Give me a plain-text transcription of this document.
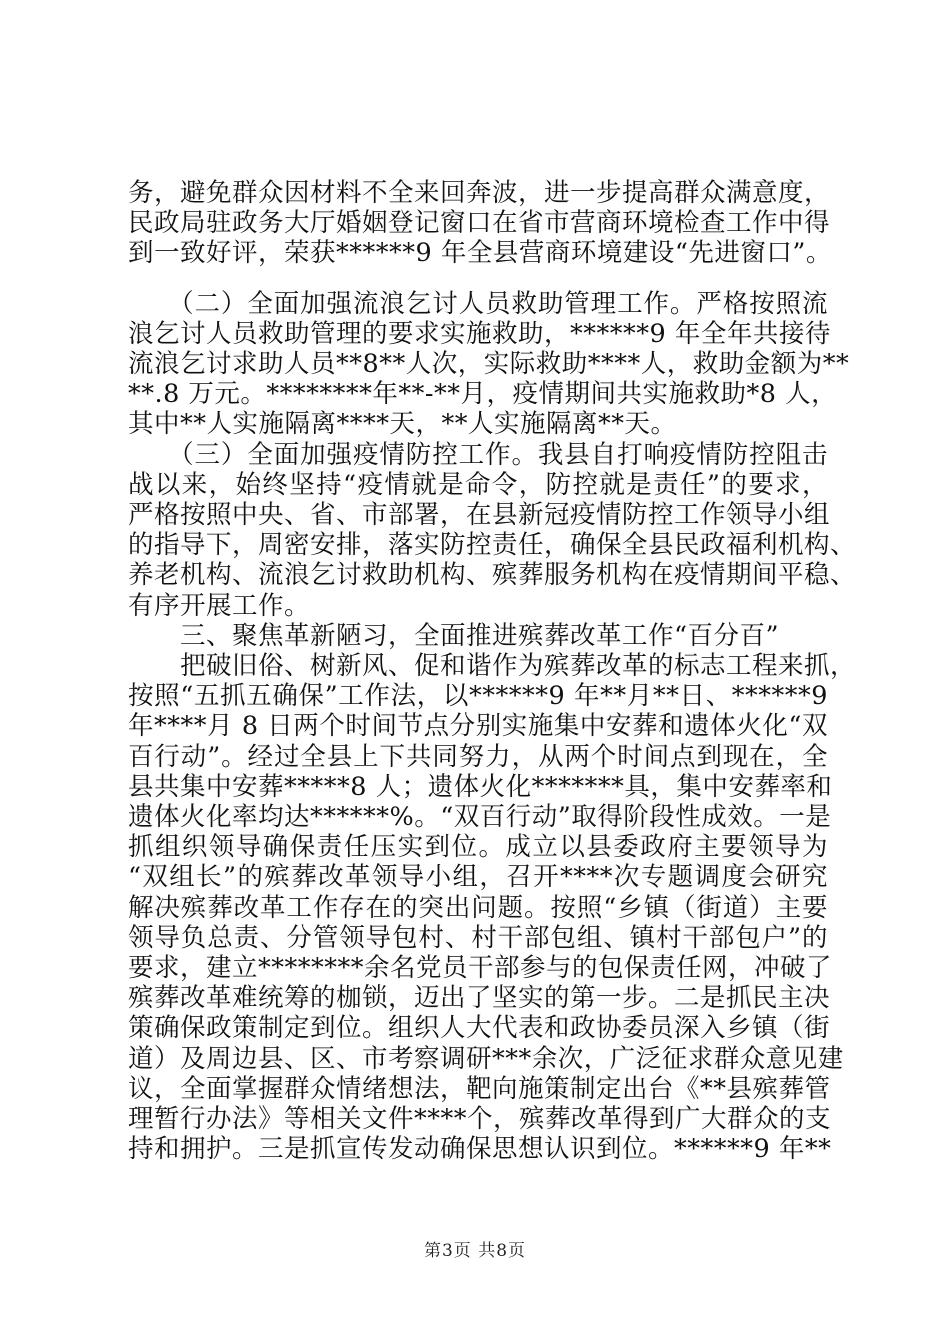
务，避免群众因材料不全来回奔波，进一步提高群众满意度，
民政局驻政务大厅婚姻登记窗口在省市营商环境检查工作中得
到一致好评，荣获******9 年全县营商环境建设“先进窗口”。
　　（二）全面加强流浪乞讨人员救助管理工作。严格按照流
浪乞讨人员救助管理的要求实施救助，******9 年全年共接待
流浪乞讨求助人员**8**人次，实际救助****人，救助金额为**
**.8 万元。********年**-**月，疫情期间共实施救助*8 人，
其中**人实施隔离****天，**人实施隔离**天。
　　（三）全面加强疫情防控工作。我县自打响疫情防控阻击
战以来，始终坚持“疫情就是命令，防控就是责任”的要求，
严格按照中央、省、市部署，在县新冠疫情防控工作领导小组
的指导下，周密安排，落实防控责任，确保全县民政福利机构、
养老机构、流浪乞讨救助机构、殡葬服务机构在疫情期间平稳、
有序开展工作。
　　三、聚焦革新陋习，全面推进殡葬改革工作“百分百”
　　把破旧俗、树新风、促和谐作为殡葬改革的标志工程来抓，
按照“五抓五确保”工作法，以******9 年**月**日、******9
年****月 8 日两个时间节点分别实施集中安葬和遗体火化“双
百行动”。经过全县上下共同努力，从两个时间点到现在，全
县共集中安葬*****8 人；遗体火化*******具，集中安葬率和
遗体火化率均达******%。“双百行动”取得阶段性成效。一是
抓组织领导确保责任压实到位。成立以县委政府主要领导为
“双组长”的殡葬改革领导小组，召开****次专题调度会研究
解决殡葬改革工作存在的突出问题。按照“乡镇（街道）主要
领导负总责、分管领导包村、村干部包组、镇村干部包户”的
要求，建立********余名党员干部参与的包保责任网，冲破了
殡葬改革难统筹的枷锁，迈出了坚实的第一步。二是抓民主决
策确保政策制定到位。组织人大代表和政协委员深入乡镇（街
道）及周边县、区、市考察调研***余次，广泛征求群众意见建
议，全面掌握群众情绪想法，靶向施策制定出台《**县殡葬管
理暂行办法》等相关文件****个，殡葬改革得到广大群众的支
持和拥护。三是抓宣传发动确保思想认识到位。******9 年**
第3页 共8页
